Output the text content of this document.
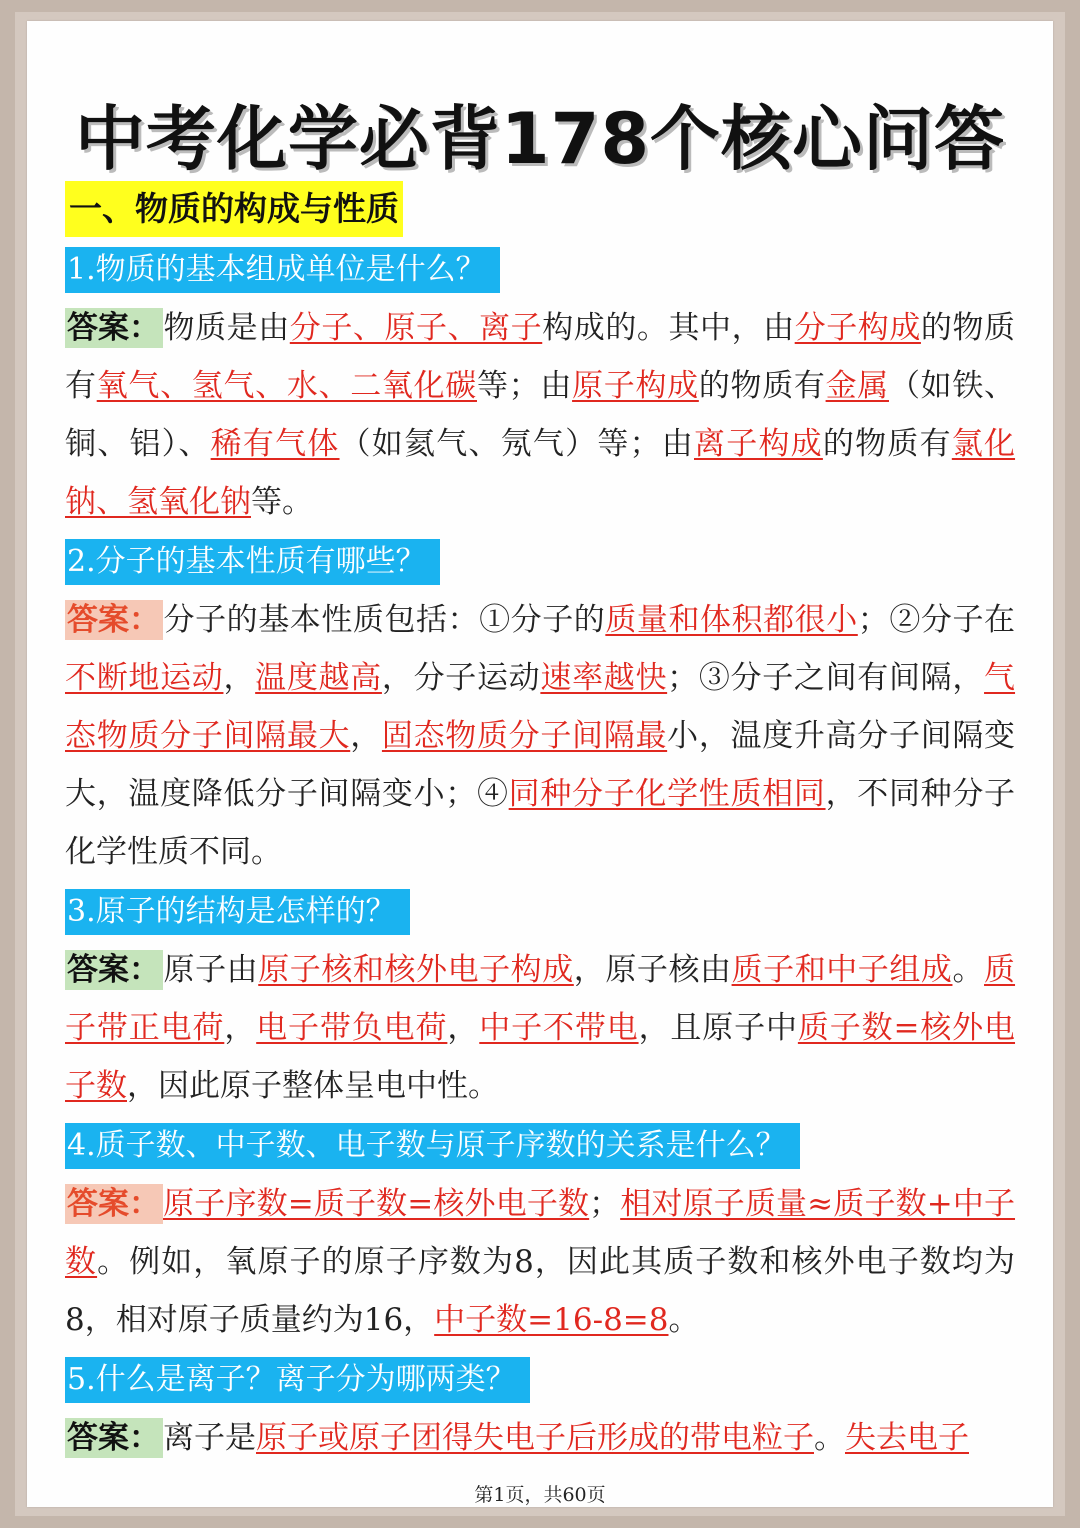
中考化学必背178个核心问答
一、物质的构成与性质
1.物质的基本组成单位是什么？
答案：物质是由分子、原子、离子构成的。其中，由分子构成的物质有氧气、氢气、水、二氧化碳等；由原子构成的物质有金属（如铁、铜、铝）、稀有气体（如氦气、氖气）等；由离子构成的物质有氯化钠、氢氧化钠等。
2.分子的基本性质有哪些？
答案：分子的基本性质包括：①分子的质量和体积都很小；②分子在不断地运动，温度越高，分子运动速率越快；③分子之间有间隔，气态物质分子间隔最大，固态物质分子间隔最小，温度升高分子间隔变大，温度降低分子间隔变小；④同种分子化学性质相同，不同种分子化学性质不同。
3.原子的结构是怎样的？
答案：原子由原子核和核外电子构成，原子核由质子和中子组成。质子带正电荷，电子带负电荷，中子不带电，且原子中质子数=核外电子数，因此原子整体呈电中性。
4.质子数、中子数、电子数与原子序数的关系是什么？
答案：原子序数=质子数=核外电子数；相对原子质量≈质子数+中子数。例如，氧原子的原子序数为8，因此其质子数和核外电子数均为8，相对原子质量约为16，中子数=16-8=8。
5.什么是离子？离子分为哪两类？
答案：离子是原子或原子团得失电子后形成的带电粒子。失去电子
第1页，共60页
